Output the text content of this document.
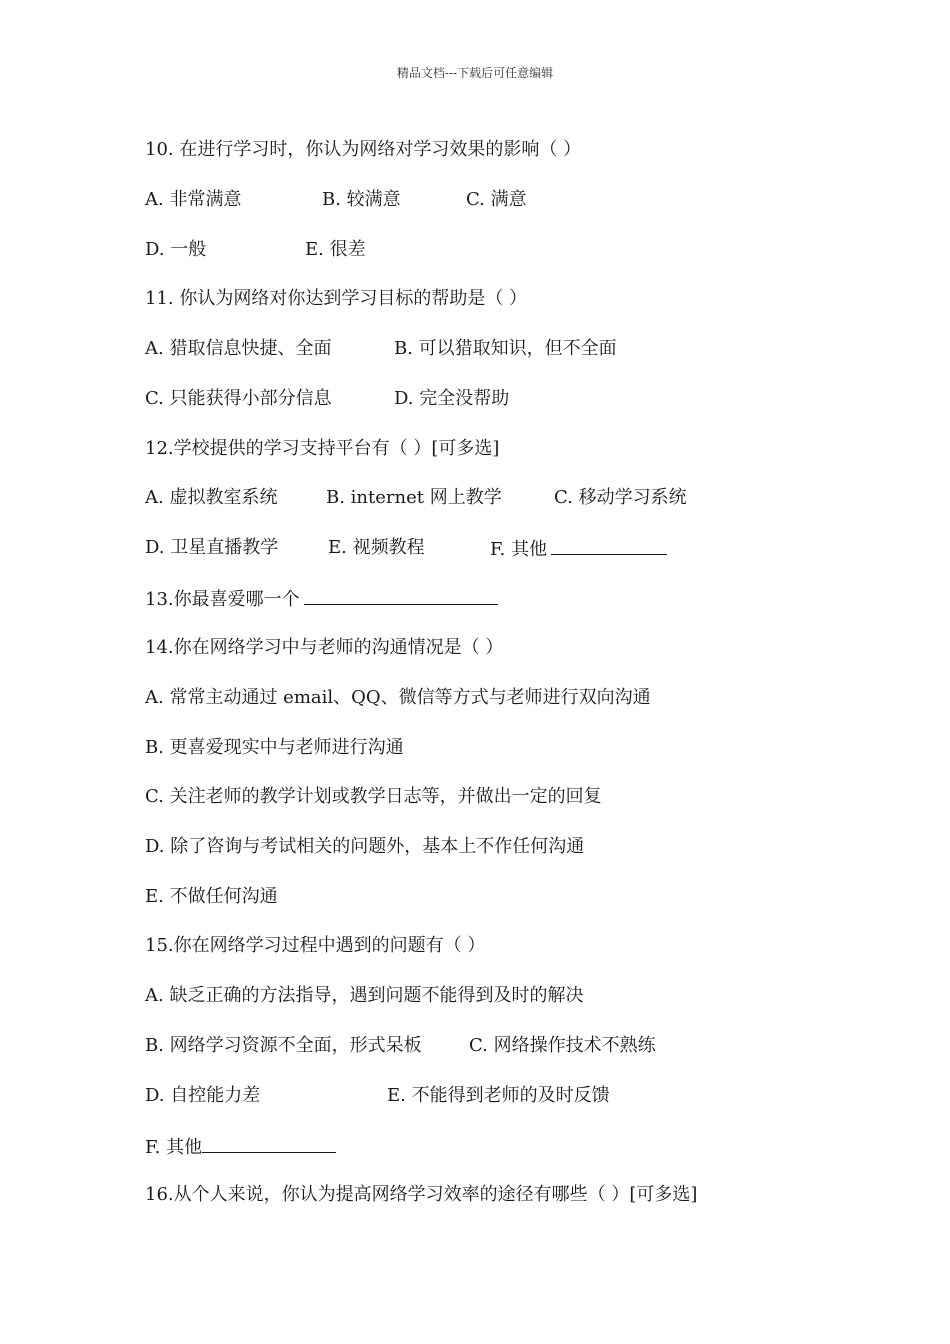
精品文档---下载后可任意编辑
10. 在进行学习时，你认为网络对学习效果的影响（ ）
A. 非常满意	B. 较满意	C. 满意
D. 一般	E. 很差
11. 你认为网络对你达到学习目标的帮助是（ ）
A. 猎取信息快捷、全面	B. 可以猎取知识，但不全面
C. 只能获得小部分信息	D. 完全没帮助
12.学校提供的学习支持平台有（ ）[可多选]
A. 虚拟教室系统	B. internet 网上教学	C. 移动学习系统
D. 卫星直播教学	E. 视频教程	F. 其他
13.你最喜爱哪一个
14.你在网络学习中与老师的沟通情况是（ ）
A. 常常主动通过 email、QQ、微信等方式与老师进行双向沟通
B. 更喜爱现实中与老师进行沟通
C. 关注老师的教学计划或教学日志等，并做出一定的回复
D. 除了咨询与考试相关的问题外，基本上不作任何沟通
E. 不做任何沟通
15.你在网络学习过程中遇到的问题有（ ）
A. 缺乏正确的方法指导，遇到问题不能得到及时的解决
B. 网络学习资源不全面，形式呆板	C. 网络操作技术不熟练
D. 自控能力差	E. 不能得到老师的及时反馈
F. 其他
16.从个人来说，你认为提高网络学习效率的途径有哪些（ ）[可多选]
